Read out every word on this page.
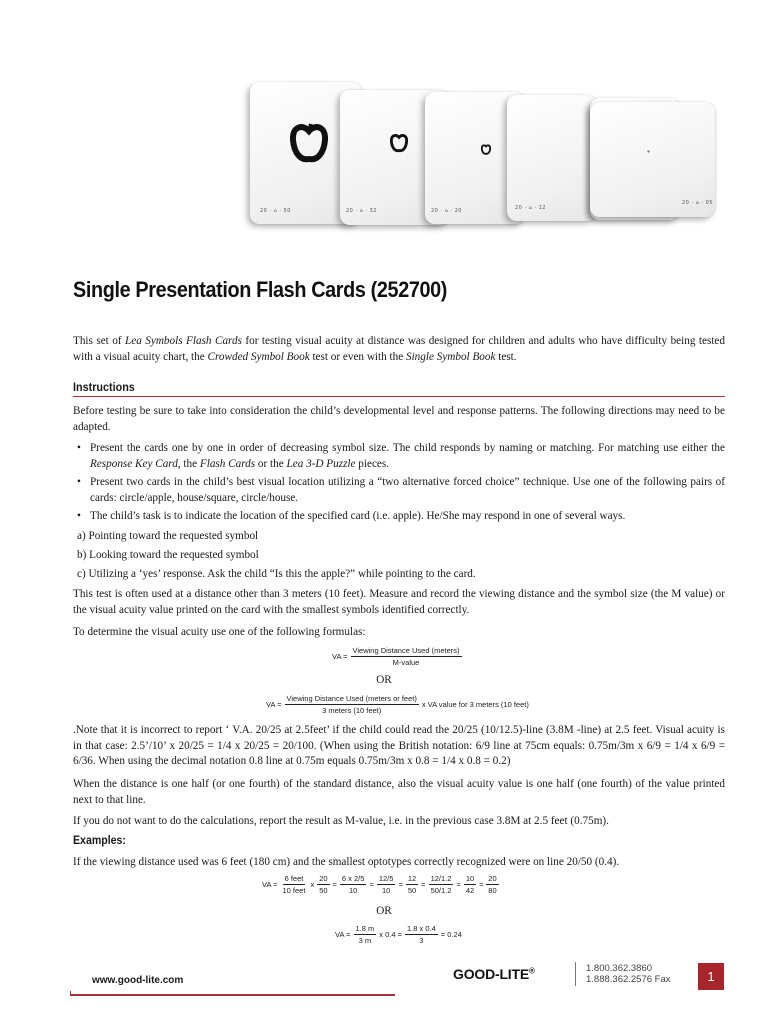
20 · ⌂ · 50	20 · ⌂ · 32	20 · ⌂ · 20	20 · ⌂ · 12
20 · ⌂ · 05
Single Presentation Flash Cards (252700)

This set of Lea Symbols Flash Cards for testing visual acuity at distance was designed for children and adults who have difficulty being tested with a visual acuity chart, the Crowded Symbol Book test or even with the Single Symbol Book test.

Instructions

Before testing be sure to take into consideration the child’s developmental level and response patterns. The following directions may need to be adapted.

• Present the cards one by one in order of decreasing symbol size. The child responds by naming or matching. For matching use either the Response Key Card, the Flash Cards or the Lea 3-D Puzzle pieces.
• Present two cards in the child’s best visual location utilizing a “two alternative forced choice” technique. Use one of the following pairs of cards: circle/apple, house/square, circle/house.
• The child’s task is to indicate the location of the specified card (i.e. apple). He/She may respond in one of several ways.
a) Pointing toward the requested symbol
b) Looking toward the requested symbol
c) Utilizing a ‘yes’ response. Ask the child “Is this the apple?” while pointing to the card.

This test is often used at a distance other than 3 meters (10 feet). Measure and record the viewing distance and the symbol size (the M value) or the visual acuity value printed on the card with the smallest symbols identified correctly.

To determine the visual acuity use one of the following formulas:

VA = $\frac{\text{Viewing Distance Used (meters)}}{\text{M-value}}$
OR
VA = $\frac{\text{Viewing Distance Used (meters or feet)}}{\text{3 meters (10 feet)}}$ x VA value for 3 meters (10 feet)

.Note that it is incorrect to report ‘ V.A. 20/25 at 2.5feet’ if the child could read the 20/25 (10/12.5)-line (3.8M -line) at 2.5 feet. Visual acuity is in that case: 2.5’/10’ x 20/25 = 1/4 x 20/25 = 20/100. (When using the British notation: 6/9 line at 75cm equals: 0.75m/3m x 6/9 = 1/4 x 6/9 = 6/36. When using the decimal notation 0.8 line at 0.75m equals 0.75m/3m x 0.8 = 1/4 x 0.8 = 0.2)

When the distance is one half (or one fourth) of the standard distance, also the visual acuity value is one half (one fourth) of the value printed next to that line.

If you do not want to do the calculations, report the result as M-value, i.e. in the previous case 3.8M at 2.5 feet (0.75m).

Examples:

If the viewing distance used was 6 feet (180 cm) and the smallest optotypes correctly recognized were on line 20/50 (0.4).

VA = $\frac{\text{6 feet}}{\text{10 feet}}$ x $\frac{20}{50} = \frac{6 x 2/5}{10} = \frac{12/5}{10} = \frac{12}{50} = \frac{12/1.2}{50/1.2} = \frac{10}{42} \approx \frac{20}{80}$
OR
VA = $\frac{1.8 m}{3 m}$ x $0.4 = \frac{1.8 x 0.4}{3} = 0.24$
www.good-lite.com	GOOD-LITE®	1.800.362.3860
1.888.362.2576 Fax	1
